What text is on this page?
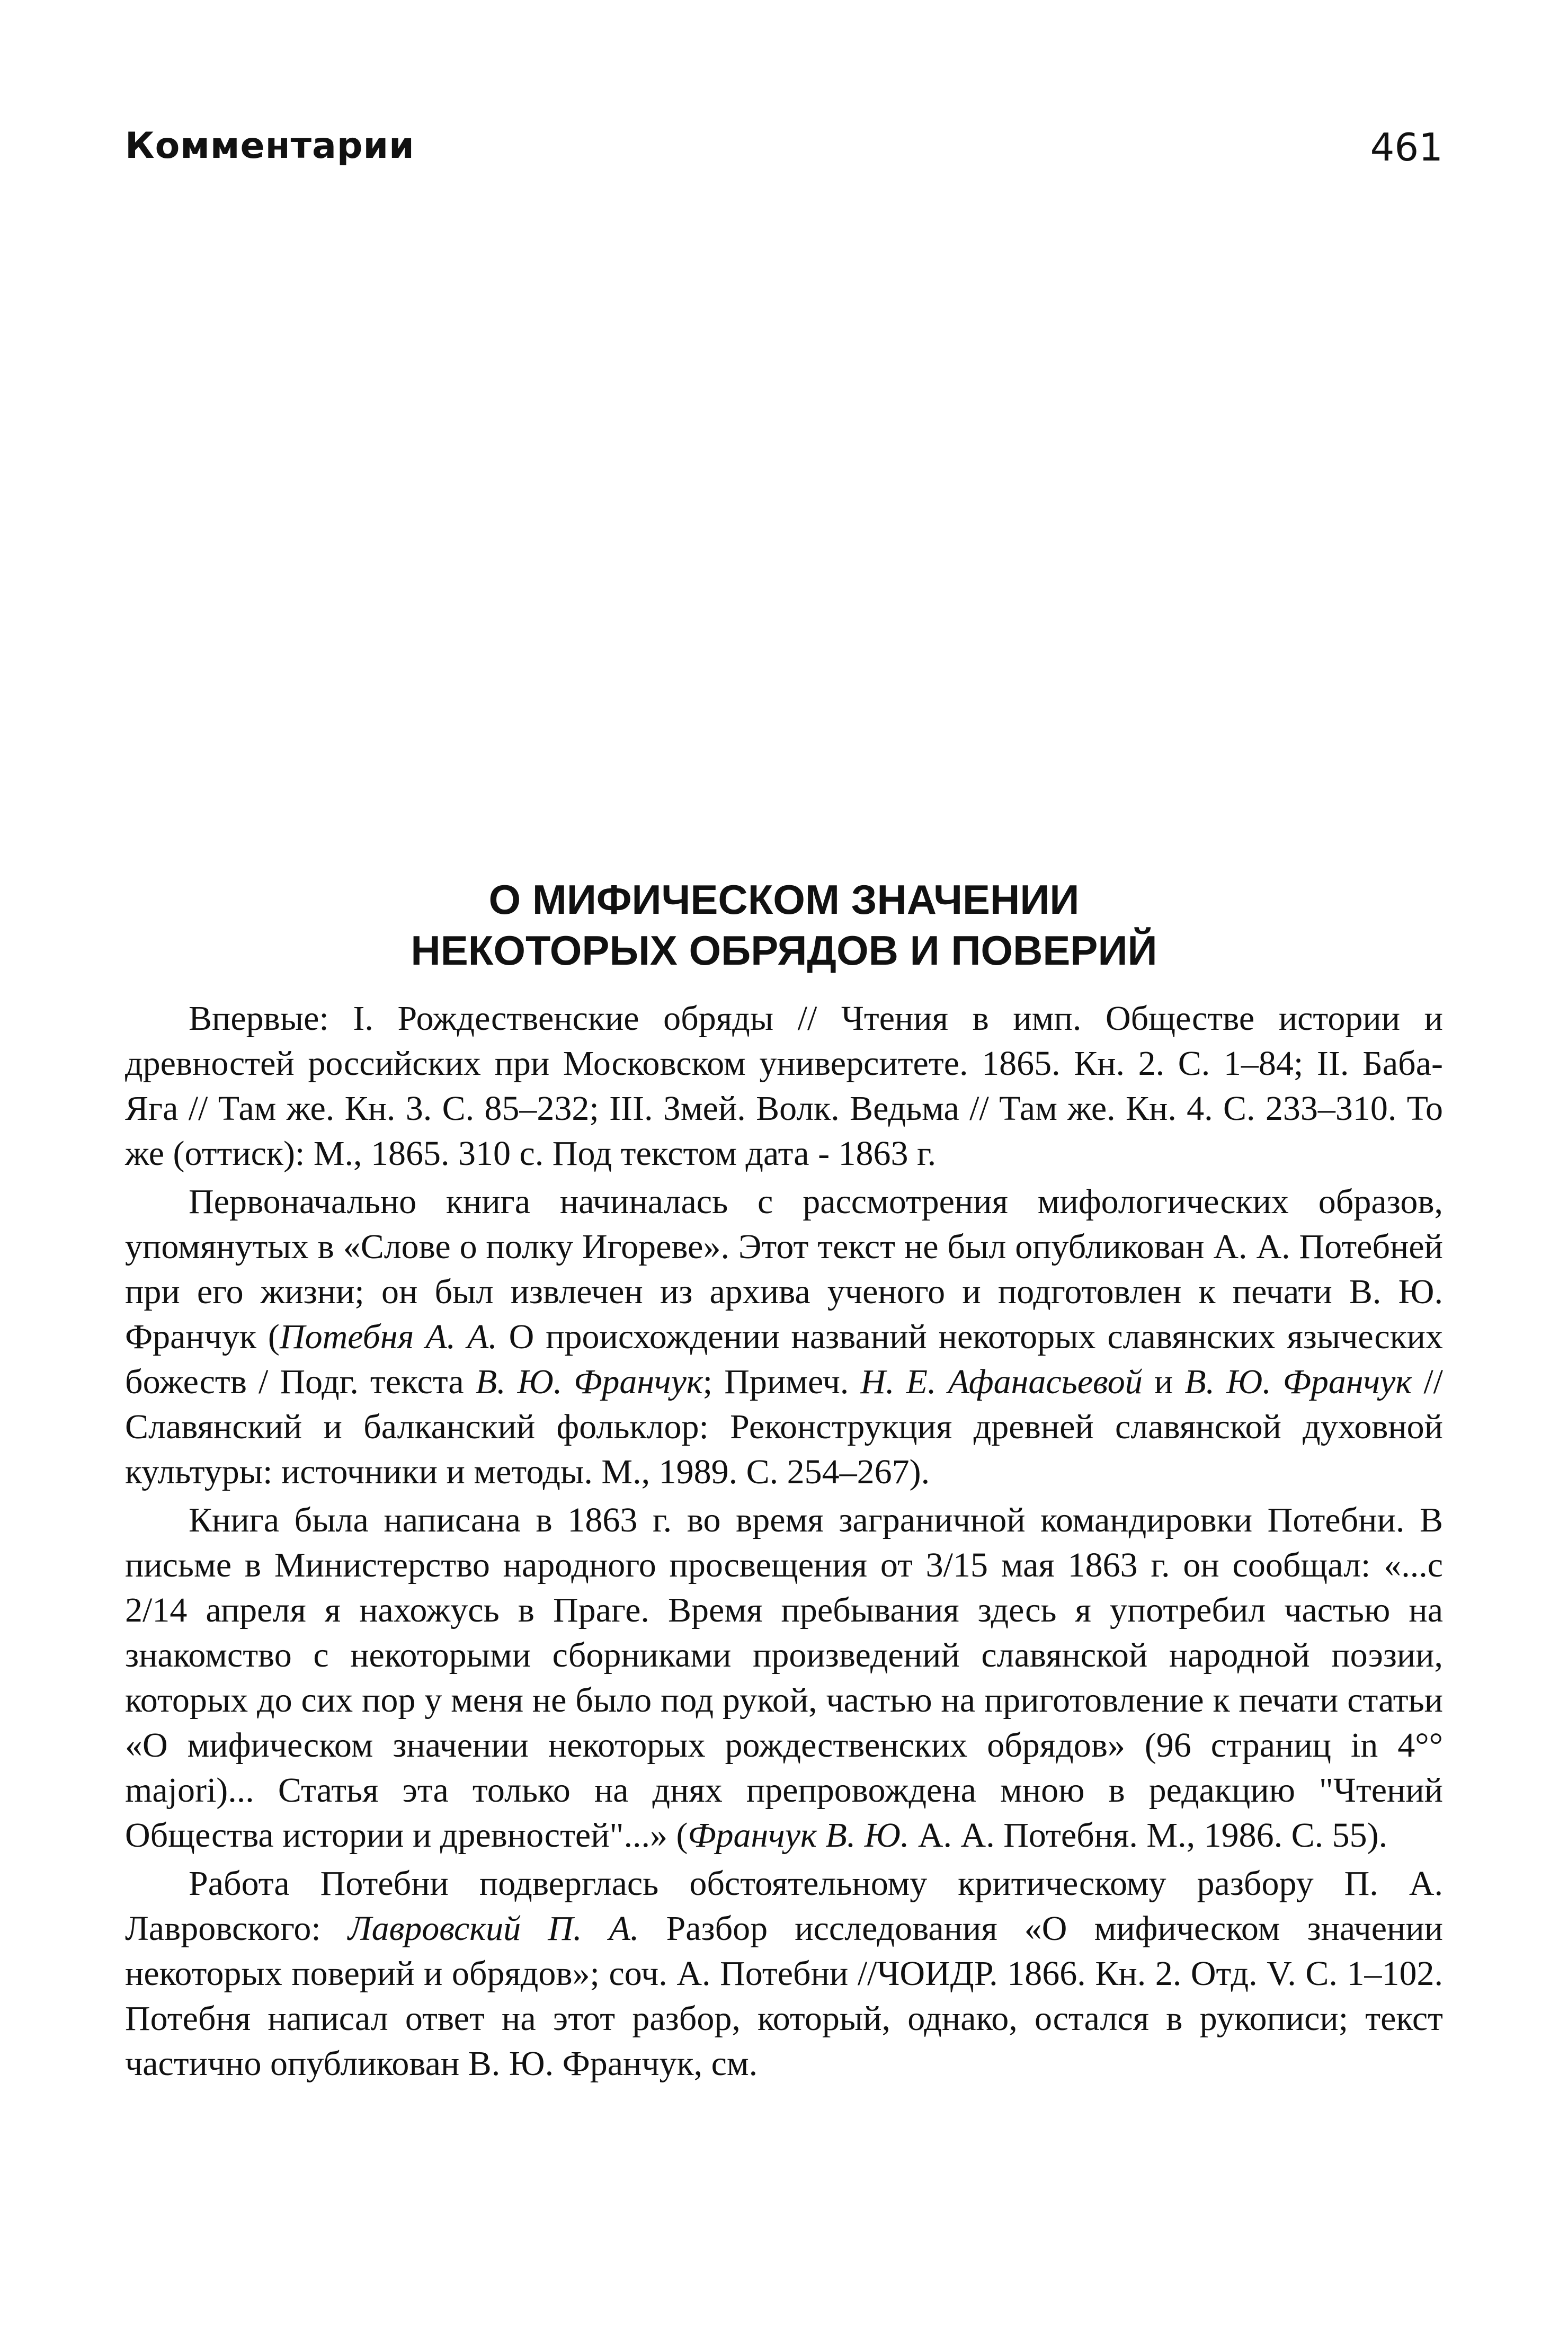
Комментарии	461
О МИФИЧЕСКОМ ЗНАЧЕНИИ
НЕКОТОРЫХ ОБРЯДОВ И ПОВЕРИЙ

Впервые: I. Рождественские обряды // Чтения в имп. Обществе истории и древностей российских при Московском университете. 1865. Кн. 2. С. 1–84; II. Баба-Яга // Там же. Кн. 3. С. 85–232; III. Змей. Волк. Ведьма // Там же. Кн. 4. С. 233–310. То же (оттиск): М., 1865. 310 с. Под текстом дата - 1863 г.

Первоначально книга начиналась с рассмотрения мифологических образов, упомянутых в «Слове о полку Игореве». Этот текст не был опубликован А. А. Потебней при его жизни; он был извлечен из архива ученого и подготовлен к печати В. Ю. Франчук (Потебня А. А. О происхождении названий некоторых славянских языческих божеств / Подг. текста В. Ю. Франчук; Примеч. Н. Е. Афанасьевой и В. Ю. Франчук // Славянский и балканский фольклор: Реконструкция древней славянской духовной культуры: источники и методы. М., 1989. С. 254–267).

Книга была написана в 1863 г. во время заграничной командировки Потебни. В письме в Министерство народного просвещения от 3/15 мая 1863 г. он сообщал: «...с 2/14 апреля я нахожусь в Праге. Время пребывания здесь я употребил частью на знакомство с некоторыми сборниками произведений славянской народной поэзии, которых до сих пор у меня не было под рукой, частью на приготовление к печати статьи «О мифическом значении некоторых рождественских обрядов» (96 страниц in 4°° majori)... Статья эта только на днях препровождена мною в редакцию "Чтений Общества истории и древностей"...» (Франчук В. Ю. А. А. Потебня. М., 1986. С. 55).

Работа Потебни подверглась обстоятельному критическому разбору П. А. Лавровского: Лавровский П. А. Разбор исследования «О мифическом значении некоторых поверий и обрядов»; соч. А. Потебни //ЧОИДР. 1866. Кн. 2. Отд. V. С. 1–102. Потебня написал ответ на этот разбор, который, однако, остался в рукописи; текст частично опубликован В. Ю. Франчук, см.
